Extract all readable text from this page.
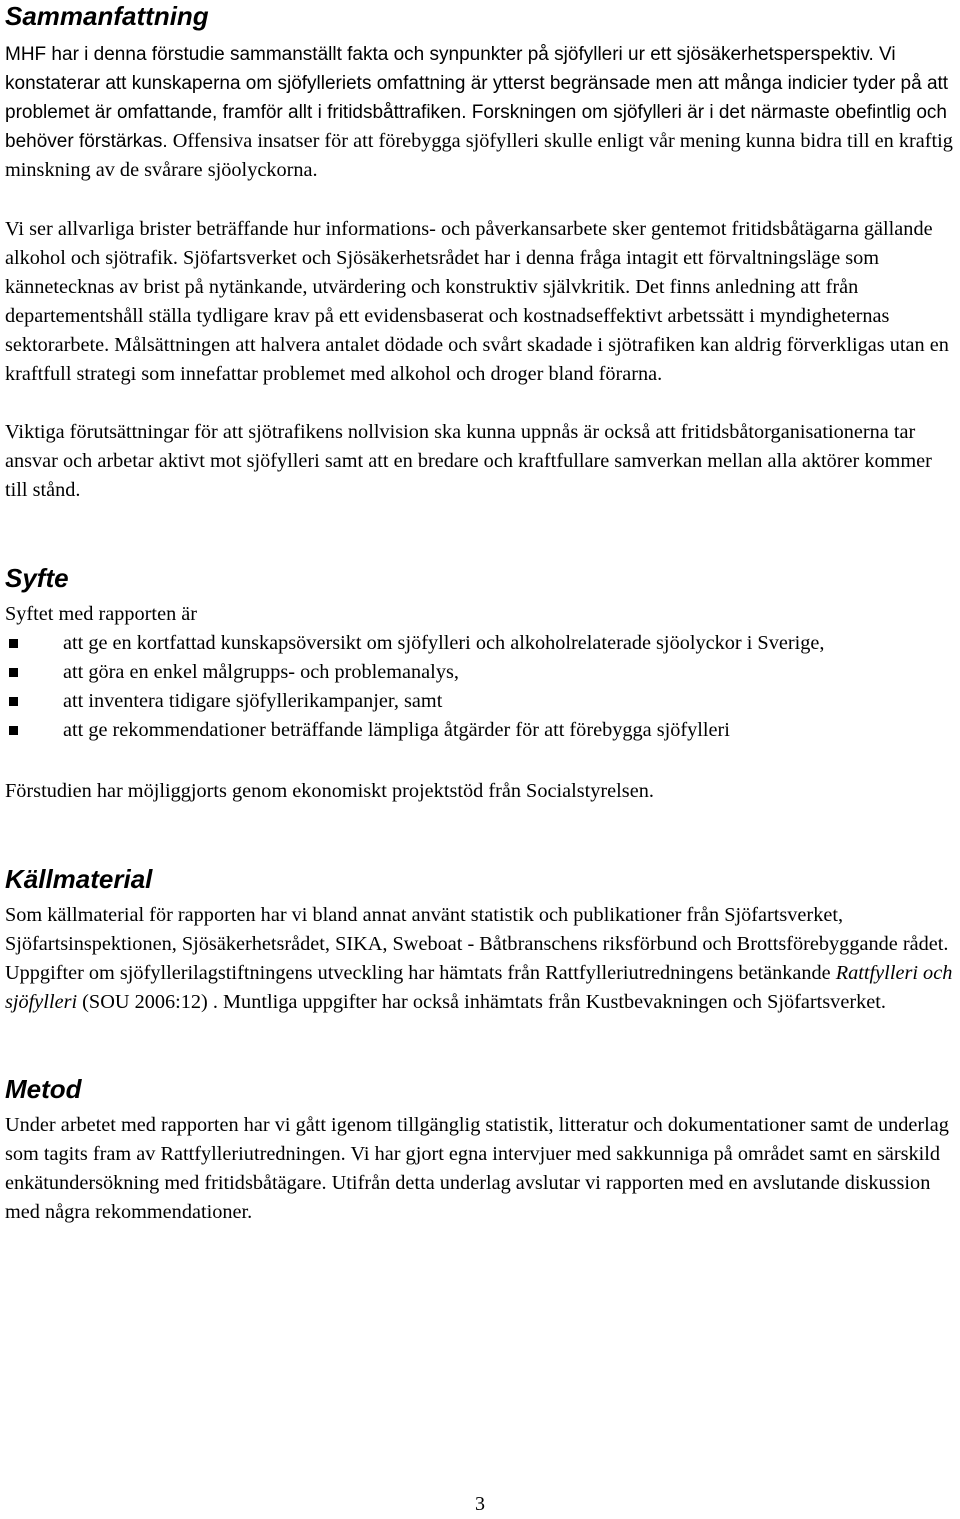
Sammanfattning

MHF har i denna förstudie sammanställt fakta och synpunkter på sjöfylleri ur ett sjösäkerhetsperspektiv. Vi konstaterar att kunskaperna om sjöfylleriets omfattning är ytterst begränsade men att många indicier tyder på att problemet är omfattande, framför allt i fritidsbåttrafiken. Forskningen om sjöfylleri är i det närmaste obefintlig och behöver förstärkas. Offensiva insatser för att förebygga sjöfylleri skulle enligt vår mening kunna bidra till en kraftig minskning av de svårare sjöolyckorna.

Vi ser allvarliga brister beträffande hur informations- och påverkansarbete sker gentemot fritidsbåtägarna gällande alkohol och sjötrafik. Sjöfartsverket och Sjösäkerhetsrådet har i denna fråga intagit ett förvaltningsläge som kännetecknas av brist på nytänkande, utvärdering och konstruktiv självkritik. Det finns anledning att från departementshåll ställa tydligare krav på ett evidensbaserat och kostnadseffektivt arbetssätt i myndigheternas sektorarbete. Målsättningen att halvera antalet dödade och svårt skadade i sjötrafiken kan aldrig förverkligas utan en kraftfull strategi som innefattar problemet med alkohol och droger bland förarna.

Viktiga förutsättningar för att sjötrafikens nollvision ska kunna uppnås är också att fritidsbåtorganisationerna tar ansvar och arbetar aktivt mot sjöfylleri samt att en bredare och kraftfullare samverkan mellan alla aktörer kommer till stånd.

Syfte

Syftet med rapporten är

att ge en kortfattad kunskapsöversikt om sjöfylleri och alkoholrelaterade sjöolyckor i Sverige,
att göra en enkel målgrupps- och problemanalys,
att inventera tidigare sjöfyllerikampanjer, samt
att ge rekommendationer beträffande lämpliga åtgärder för att förebygga sjöfylleri

Förstudien har möjliggjorts genom ekonomiskt projektstöd från Socialstyrelsen.

Källmaterial

Som källmaterial för rapporten har vi bland annat använt statistik och publikationer från Sjöfartsverket, Sjöfartsinspektionen, Sjösäkerhetsrådet, SIKA, Sweboat - Båtbranschens riksförbund och Brottsförebyggande rådet. Uppgifter om sjöfyllerilagstiftningens utveckling har hämtats från Rattfylleriutredningens betänkande Rattfylleri och sjöfylleri (SOU 2006:12) . Muntliga uppgifter har också inhämtats från Kustbevakningen och Sjöfartsverket.

Metod

Under arbetet med rapporten har vi gått igenom tillgänglig statistik, litteratur och dokumentationer samt de underlag som tagits fram av Rattfylleriutredningen. Vi har gjort egna intervjuer med sakkunniga på området samt en särskild enkätundersökning med fritidsbåtägare. Utifrån detta underlag avslutar vi rapporten med en avslutande diskussion med några rekommendationer.

3
